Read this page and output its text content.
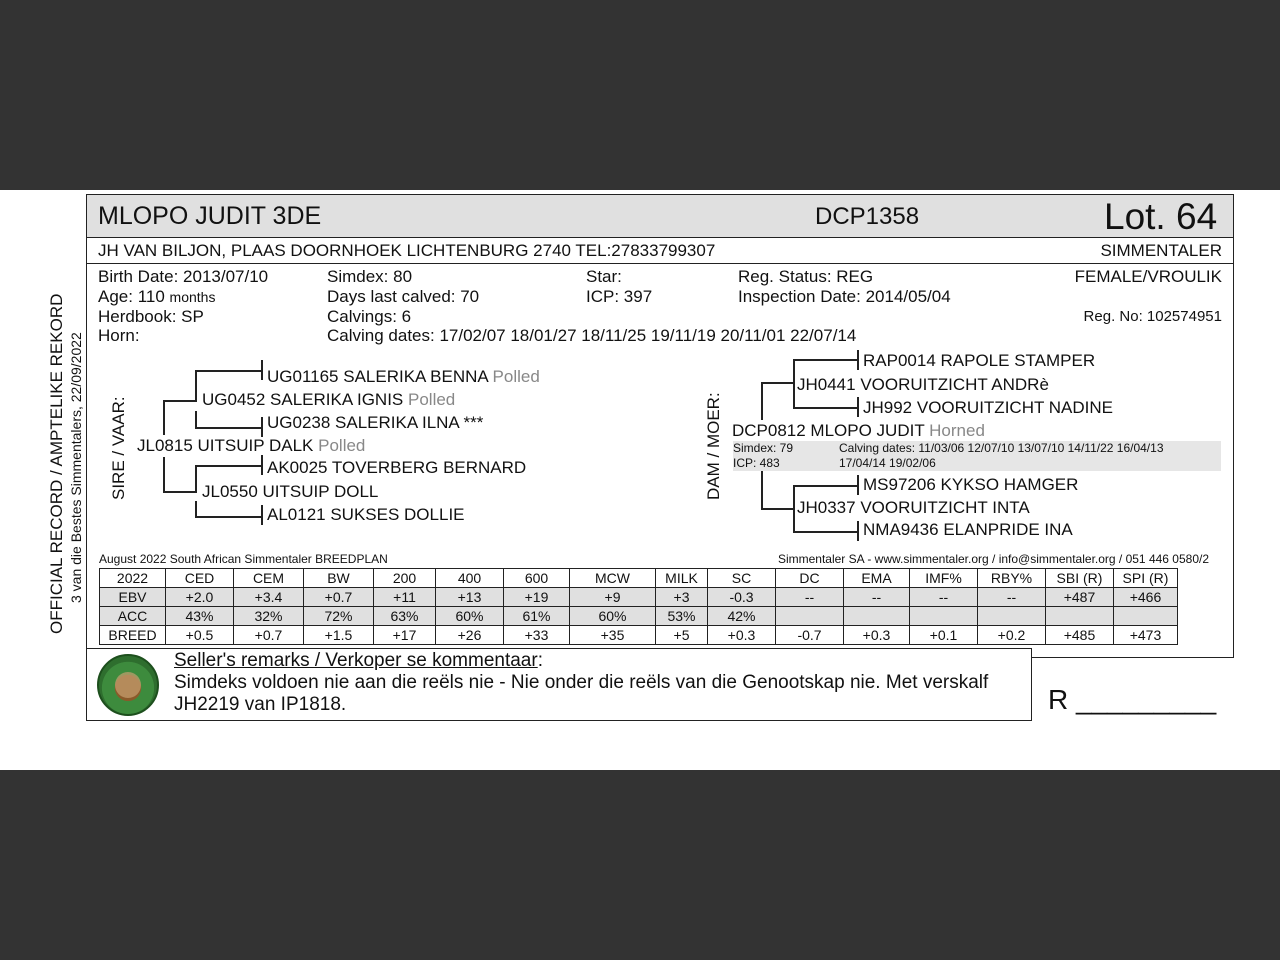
OFFICIAL RECORD / AMPTELIKE REKORD 3 van die Bestes Simmentalers, 22/09/2022
MLOPO JUDIT 3DE	DCP1358	Lot. 64
JH VAN BILJON, PLAAS DOORNHOEK LICHTENBURG 2740 TEL:27833799307	SIMMENTALER
Birth Date: 2013/07/10
Age: 110 months
Herdbook: SP
Horn:
Simdex: 80
Days last calved: 70
Calvings: 6
Calving dates: 17/02/07 18/01/27 18/11/25 19/11/19 20/11/01 22/07/14
Star:
ICP: 397
Reg. Status: REG
Inspection Date: 2014/05/04
FEMALE/VROULIK
Reg. No: 102574951
SIRE / VAAR:
UG01165 SALERIKA BENNA Polled
UG0452 SALERIKA IGNIS Polled
UG0238 SALERIKA ILNA ***
JL0815 UITSUIP DALK Polled
AK0025 TOVERBERG BERNARD
JL0550 UITSUIP DOLL
AL0121 SUKSES DOLLIE
DAM / MOER:
RAP0014 RAPOLE STAMPER
JH0441 VOORUITZICHT ANDRè
JH992 VOORUITZICHT NADINE
DCP0812 MLOPO JUDIT Horned
Simdex: 79
ICP: 483
Calving dates: 11/03/06 12/07/10 13/07/10 14/11/22 16/04/13
17/04/14 19/02/06
MS97206 KYKSO HAMGER
JH0337 VOORUITZICHT INTA
NMA9436 ELANPRIDE INA
August 2022 South African Simmentaler BREEDPLAN	Simmentaler SA - www.simmentaler.org / info@simmentaler.org / 051 446 0580/2
2022	CED	CEM	BW	200	400	600	MCW	MILK	SC	DC	EMA	IMF%	RBY%	SBI (R)	SPI (R)
EBV	+2.0	+3.4	+0.7	+11	+13	+19	+9	+3	-0.3	--	--	--	--	+487	+466
ACC	43%	32%	72%	63%	60%	61%	60%	53%	42%						
BREED	+0.5	+0.7	+1.5	+17	+26	+33	+35	+5	+0.3	-0.7	+0.3	+0.1	+0.2	+485	+473
Seller's remarks / Verkoper se kommentaar:
Simdeks voldoen nie aan die reëls nie - Nie onder die reëls van die Genootskap nie. Met verskalf
JH2219 van IP1818.	R _________
